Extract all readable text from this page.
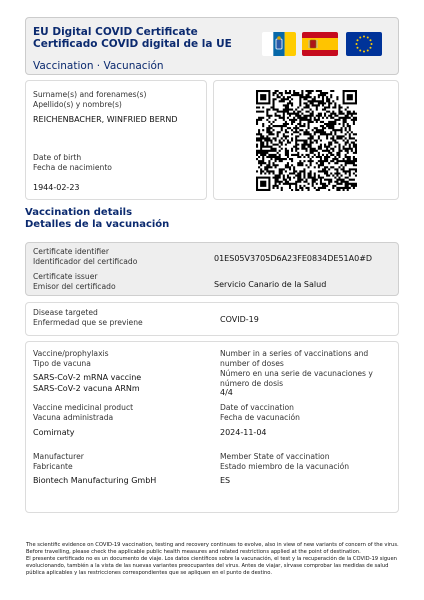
EU Digital COVID Certificate
Certificado COVID digital de la UE
Vaccination · Vacunación
Surname(s) and forenames(s)
Apellido(s) y nombre(s)
REICHENBACHER, WINFRIED BERND
Date of birth
Fecha de nacimiento
1944-02-23
Vaccination details
Detalles de la vacunación
Certificate identifier
Identificador del certificado	01ES05V3705D6A23FE0834DE51A0#D
Certificate issuer
Emisor del certificado	Servicio Canario de la Salud
Disease targeted
Enfermedad que se previene	COVID-19
Vaccine/prophylaxis
Tipo de vacuna
SARS-CoV-2 mRNA vaccine
SARS-CoV-2 vacuna ARNm
Vaccine medicinal product
Vacuna administrada
Comirnaty
Manufacturer
Fabricante
Biontech Manufacturing GmbH
Number in a series of vaccinations and number of doses
Número en una serie de vacunaciones y número de dosis
4/4
Date of vaccination
Fecha de vacunación
2024-11-04
Member State of vaccination
Estado miembro de la vacunación
ES

The scientific evidence on COVID-19 vaccination, testing and recovery continues to evolve, also in view of new variants of concern of the virus. Before travelling, please check the applicable public health measures and related restrictions applied at the point of destination.

El presente certificado no es un documento de viaje. Los datos científicos sobre la vacunación, el test y la recuperación de la COVID-19 siguen evolucionando, también a la vista de las nuevas variantes preocupantes del virus. Antes de viajar, sírvase comprobar las medidas de salud pública aplicables y las restricciones correspondientes que se apliquen en el punto de destino.
